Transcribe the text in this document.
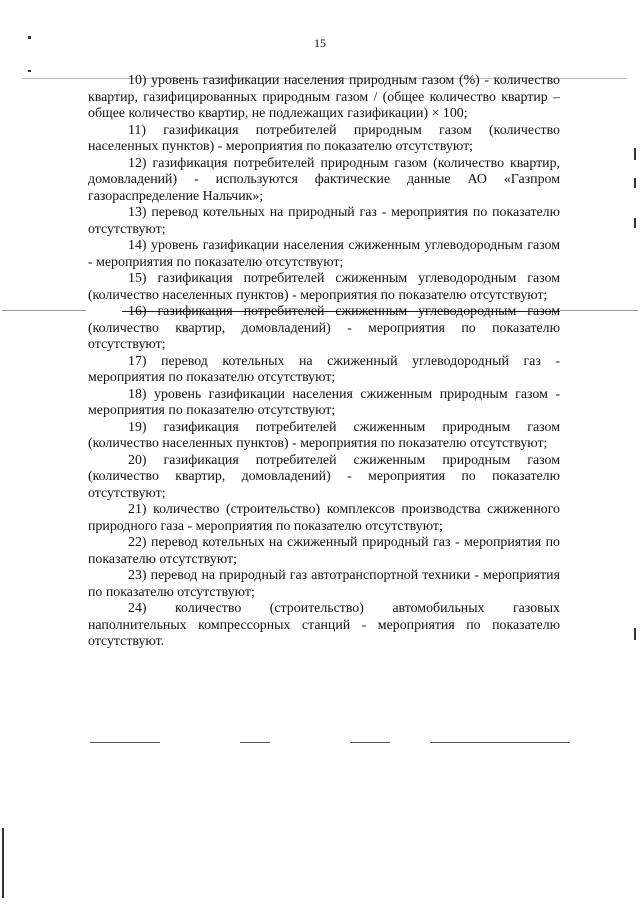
15

10) уровень газификации населения природным газом (%) - количество квартир, газифицированных природным газом / (общее количество квартир – общее количество квартир, не подлежащих газификации) × 100;

11) газификация потребителей природным газом (количество населенных пунктов) - мероприятия по показателю отсутствуют;

12) газификация потребителей природным газом (количество квартир, домовладений) - используются фактические данные АО «Газпром газораспределение Нальчик»;

13) перевод котельных на природный газ - мероприятия по показателю отсутствуют;

14) уровень газификации населения сжиженным углеводородным газом - мероприятия по показателю отсутствуют;

15) газификация потребителей сжиженным углеводородным газом (количество населенных пунктов) - мероприятия по показателю отсутствуют;

16) газификация потребителей сжиженным углеводородным газом (количество квартир, домовладений) - мероприятия по показателю отсутствуют;

17) перевод котельных на сжиженный углеводородный газ - мероприятия по показателю отсутствуют;

18) уровень газификации населения сжиженным природным газом - мероприятия по показателю отсутствуют;

19) газификация потребителей сжиженным природным газом (количество населенных пунктов) - мероприятия по показателю отсутствуют;

20) газификация потребителей сжиженным природным газом (количество квартир, домовладений) - мероприятия по показателю отсутствуют;

21) количество (строительство) комплексов производства сжиженного природного газа - мероприятия по показателю отсутствуют;

22) перевод котельных на сжиженный природный газ - мероприятия по показателю отсутствуют;

23) перевод на природный газ автотранспортной техники - мероприятия по показателю отсутствуют;

24) количество (строительство) автомобильных газовых наполнительных компрессорных станций - мероприятия по показателю отсутствуют.
